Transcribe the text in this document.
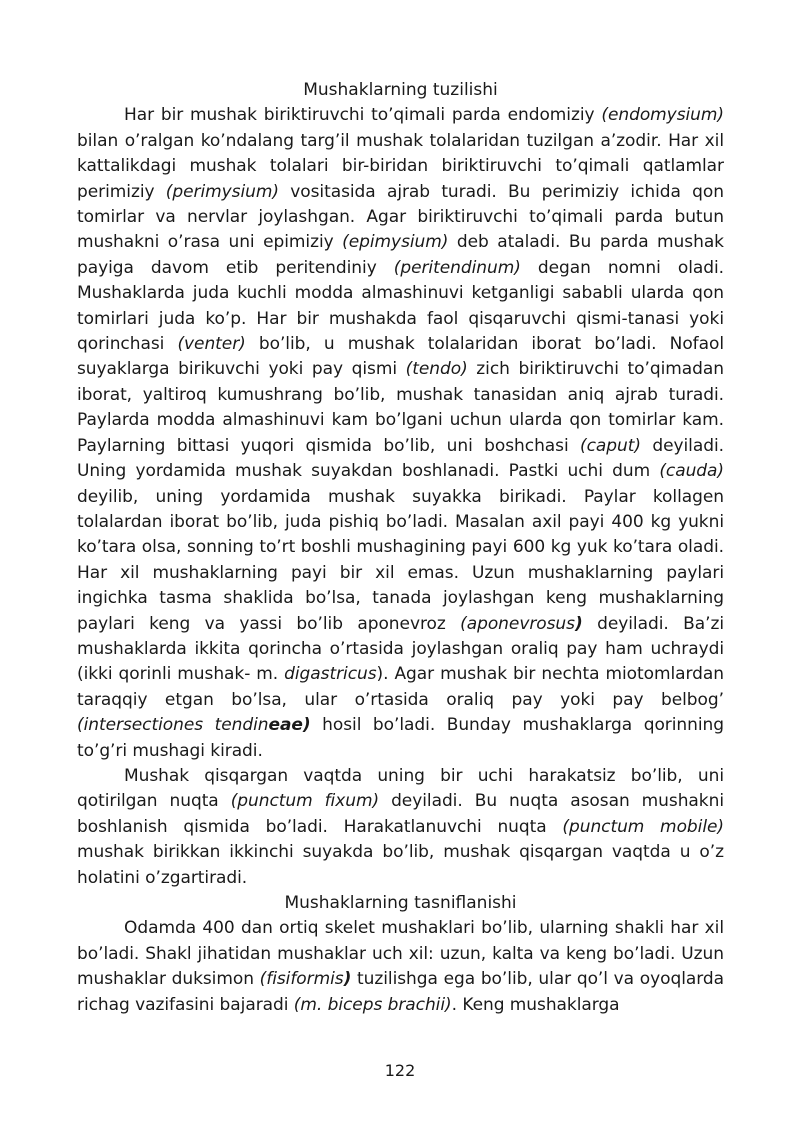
Mushaklarning tuzilishi

Har bir mushak biriktiruvchi to’qimali parda endomiziy (endomysium) bilan o’ralgan ko’ndalang targ’il mushak tolalaridan tuzilgan a’zodir. Har xil kattalikdagi mushak tolalari bir-biridan biriktiruvchi to’qimali qatlamlar perimiziy (perimysium) vositasida ajrab turadi. Bu perimiziy ichida qon tomirlar va nervlar joylashgan. Agar biriktiruvchi to’qimali parda butun mushakni o’rasa uni epimiziy (epimysium) deb ataladi. Bu parda mushak payiga davom etib peritendiniy (peritendinum) degan nomni oladi. Mushaklarda juda kuchli modda almashinuvi ketganligi sababli ularda qon tomirlari juda ko’p. Har bir mushakda faol qisqaruvchi qismi-tanasi yoki qorinchasi (venter) bo’lib, u mushak tolalaridan iborat bo’ladi. Nofaol suyaklarga birikuvchi yoki pay qismi (tendo) zich biriktiruvchi to’qimadan iborat, yaltiroq kumushrang bo’lib, mushak tanasidan aniq ajrab turadi. Paylarda modda almashinuvi kam bo’lgani uchun ularda qon tomirlar kam. Paylarning bittasi yuqori qismida bo’lib, uni boshchasi (caput) deyiladi. Uning yordamida mushak suyakdan boshlanadi. Pastki uchi dum (cauda) deyilib, uning yordamida mushak suyakka birikadi. Paylar kollagen tolalardan iborat bo’lib, juda pishiq bo’ladi. Masalan axil payi 400 kg yukni ko’tara olsa, sonning to’rt boshli mushagining payi 600 kg yuk ko’tara oladi. Har xil mushaklarning payi bir xil emas. Uzun mushaklarning paylari ingichka tasma shaklida bo’lsa, tanada joylashgan keng mushaklarning paylari keng va yassi bo’lib aponevroz (aponevrosus) deyiladi. Ba’zi mushaklarda ikkita qorincha o’rtasida joylashgan oraliq pay ham uchraydi (ikki qorinli mushak- m. digastricus). Agar mushak bir nechta miotomlardan taraqqiy etgan bo’lsa, ular o’rtasida oraliq pay yoki pay belbog’ (intersectiones tendineae) hosil bo’ladi. Bunday mushaklarga qorinning to’g’ri mushagi kiradi.

Mushak qisqargan vaqtda uning bir uchi harakatsiz bo’lib, uni qotirilgan nuqta (punctum fixum) deyiladi. Bu nuqta asosan mushakni boshlanish qismida bo’ladi. Harakatlanuvchi nuqta (punctum mobile) mushak birikkan ikkinchi suyakda bo’lib, mushak qisqargan vaqtda u o’z holatini o’zgartiradi.

Mushaklarning tasniflanishi

Odamda 400 dan ortiq skelet mushaklari bo’lib, ularning shakli har xil bo’ladi. Shakl jihatidan mushaklar uch xil: uzun, kalta va keng bo’ladi. Uzun mushaklar duksimon (fisiformis) tuzilishga ega bo’lib, ular qo’l va oyoqlarda richag vazifasini bajaradi (m. biceps brachii). Keng mushaklarga

122
